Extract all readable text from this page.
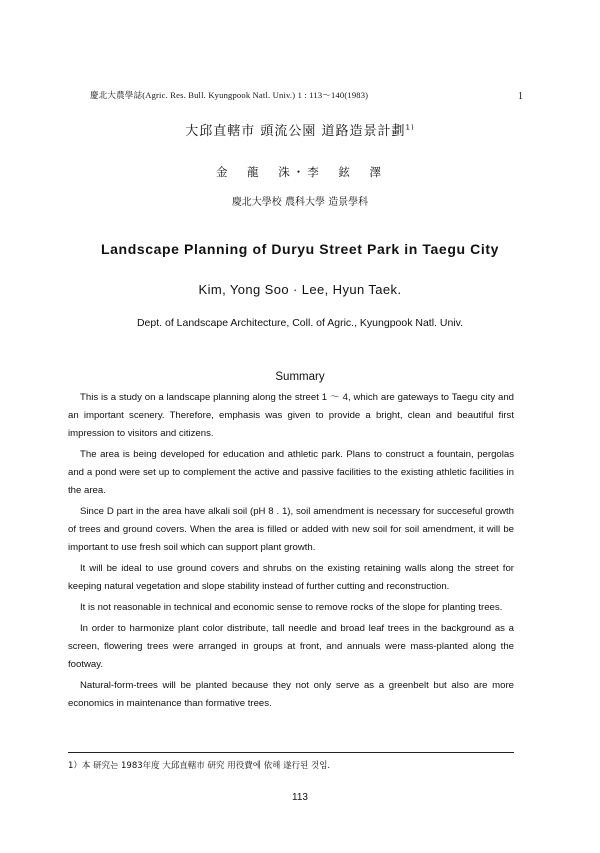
慶北大農學誌(Agric. Res. Bull. Kyungpook Natl. Univ.) 1 : 113～140(1983)	1
大邱直轄市 頭流公園 道路造景計劃$^{1)}$
金 龍 洙・李 鉉 澤
慶北大學校 農科大學 造景學科
Landscape Planning of Duryu Street Park in Taegu City
Kim, Yong Soo · Lee, Hyun Taek.
Dept. of Landscape Architecture, Coll. of Agric., Kyungpook Natl. Univ.
Summary

This is a study on a landscape planning along the street 1 ～ 4, which are gateways to Taegu city and an important scenery. Therefore, emphasis was given to provide a bright, clean and beautiful first impression to visitors and citizens.

The area is being developed for education and athletic park. Plans to construct a fountain, pergolas and a pond were set up to complement the active and passive facilities to the existing athletic facilities in the area.

Since D part in the area have alkali soil (pH 8 . 1), soil amendment is necessary for succeseful growth of trees and ground covers. When the area is filled or added with new soil for soil amendment, it will be important to use fresh soil which can support plant growth.

It will be ideal to use ground covers and shrubs on the existing retaining walls along the street for keeping natural vegetation and slope stability instead of further cutting and reconstruction.

It is not reasonable in technical and economic sense to remove rocks of the slope for planting trees.

In order to harmonize plant color distribute, tall needle and broad leaf trees in the background as a screen, flowering trees were arranged in groups at front, and annuals were mass-planted along the footway.

Natural-form-trees will be planted because they not only serve as a greenbelt but also are more economics in maintenance than formative trees.

1）本 研究는 1983年度 大邱直轄市 研究 用役費에 依해 遂行된 것임.
113
